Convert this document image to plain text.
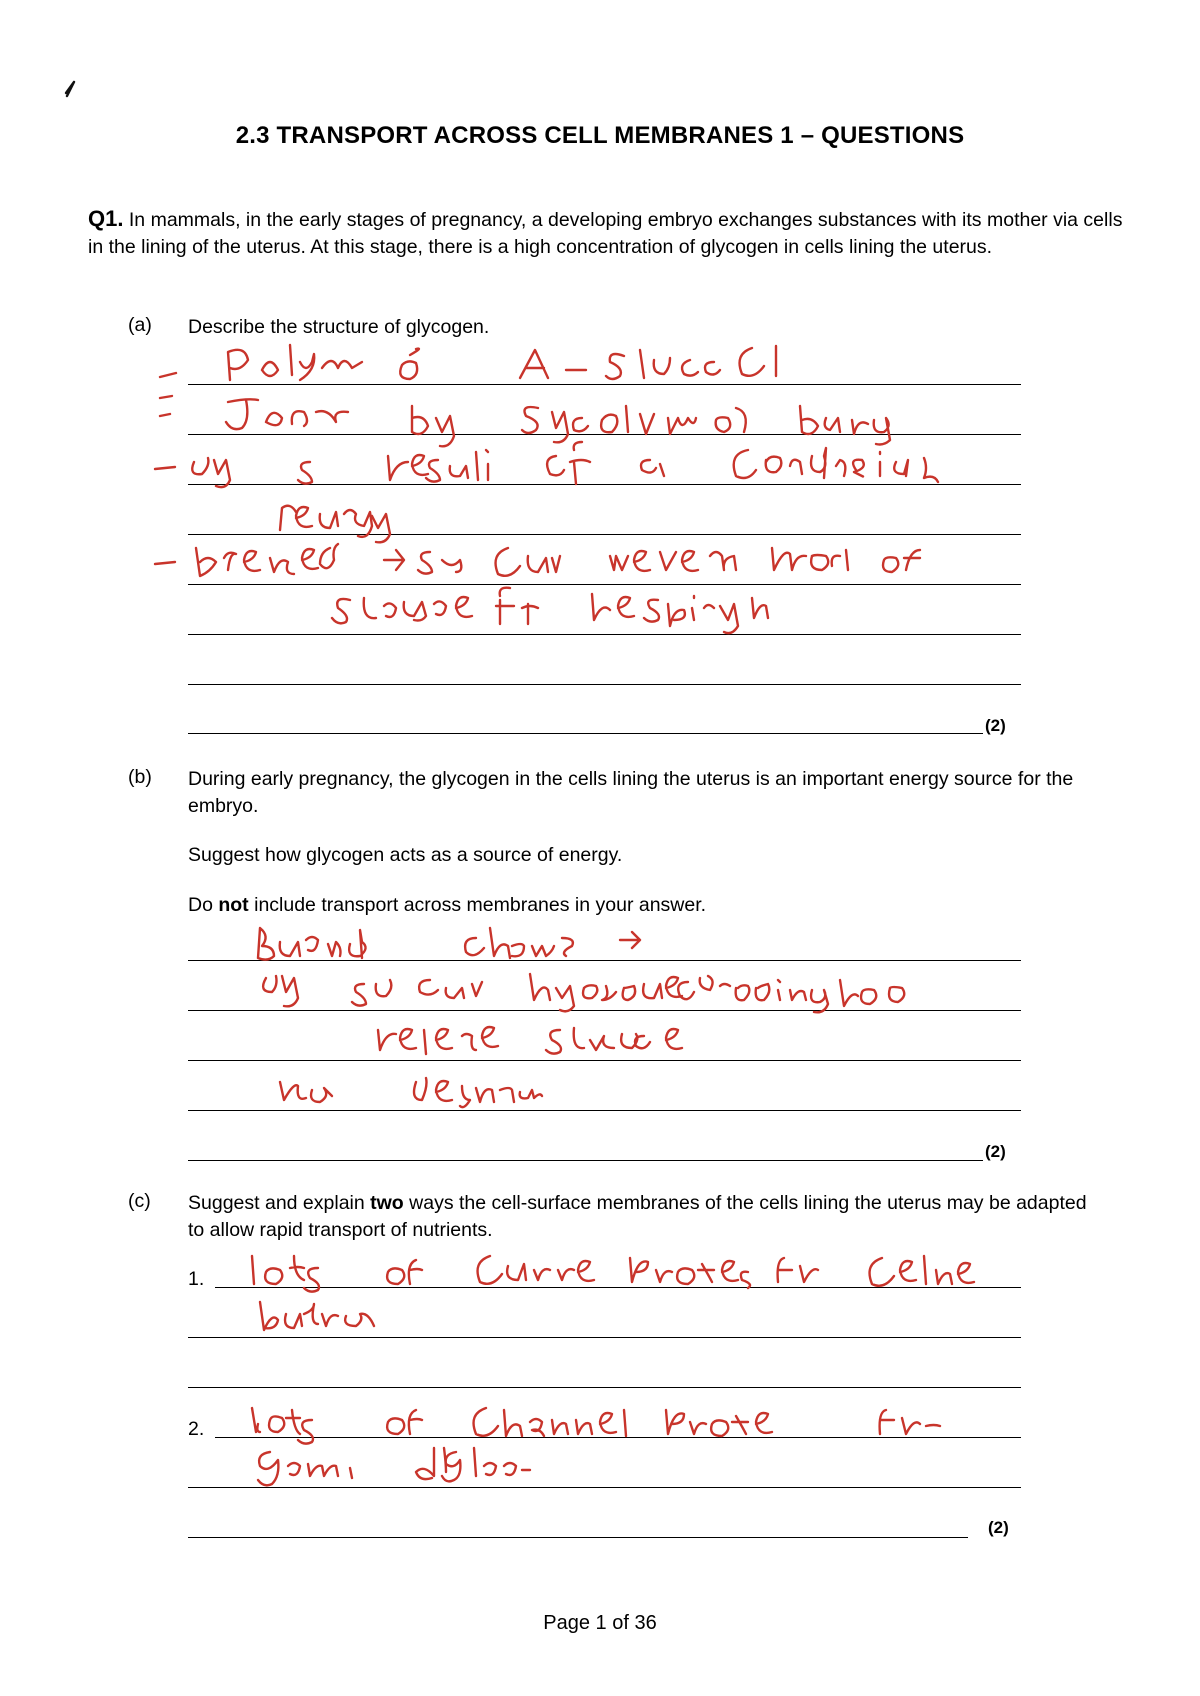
2.3 TRANSPORT ACROSS CELL MEMBRANES 1 – QUESTIONS
Q1. In mammals, in the early stages of pregnancy, a developing embryo exchanges substances with its mother via cells in the lining of the uterus. At this stage, there is a high concentration of glycogen in cells lining the uterus.
(a) Describe the structure of glycogen.
(2)
(b) During early pregnancy, the glycogen in the cells lining the uterus is an important energy source for the embryo.
Suggest how glycogen acts as a source of energy.
Do not include transport across membranes in your answer.
(2)
(c) Suggest and explain two ways the cell-surface membranes of the cells lining the uterus may be adapted to allow rapid transport of nutrients.
1.
2.
(2)
Page 1 of 36
